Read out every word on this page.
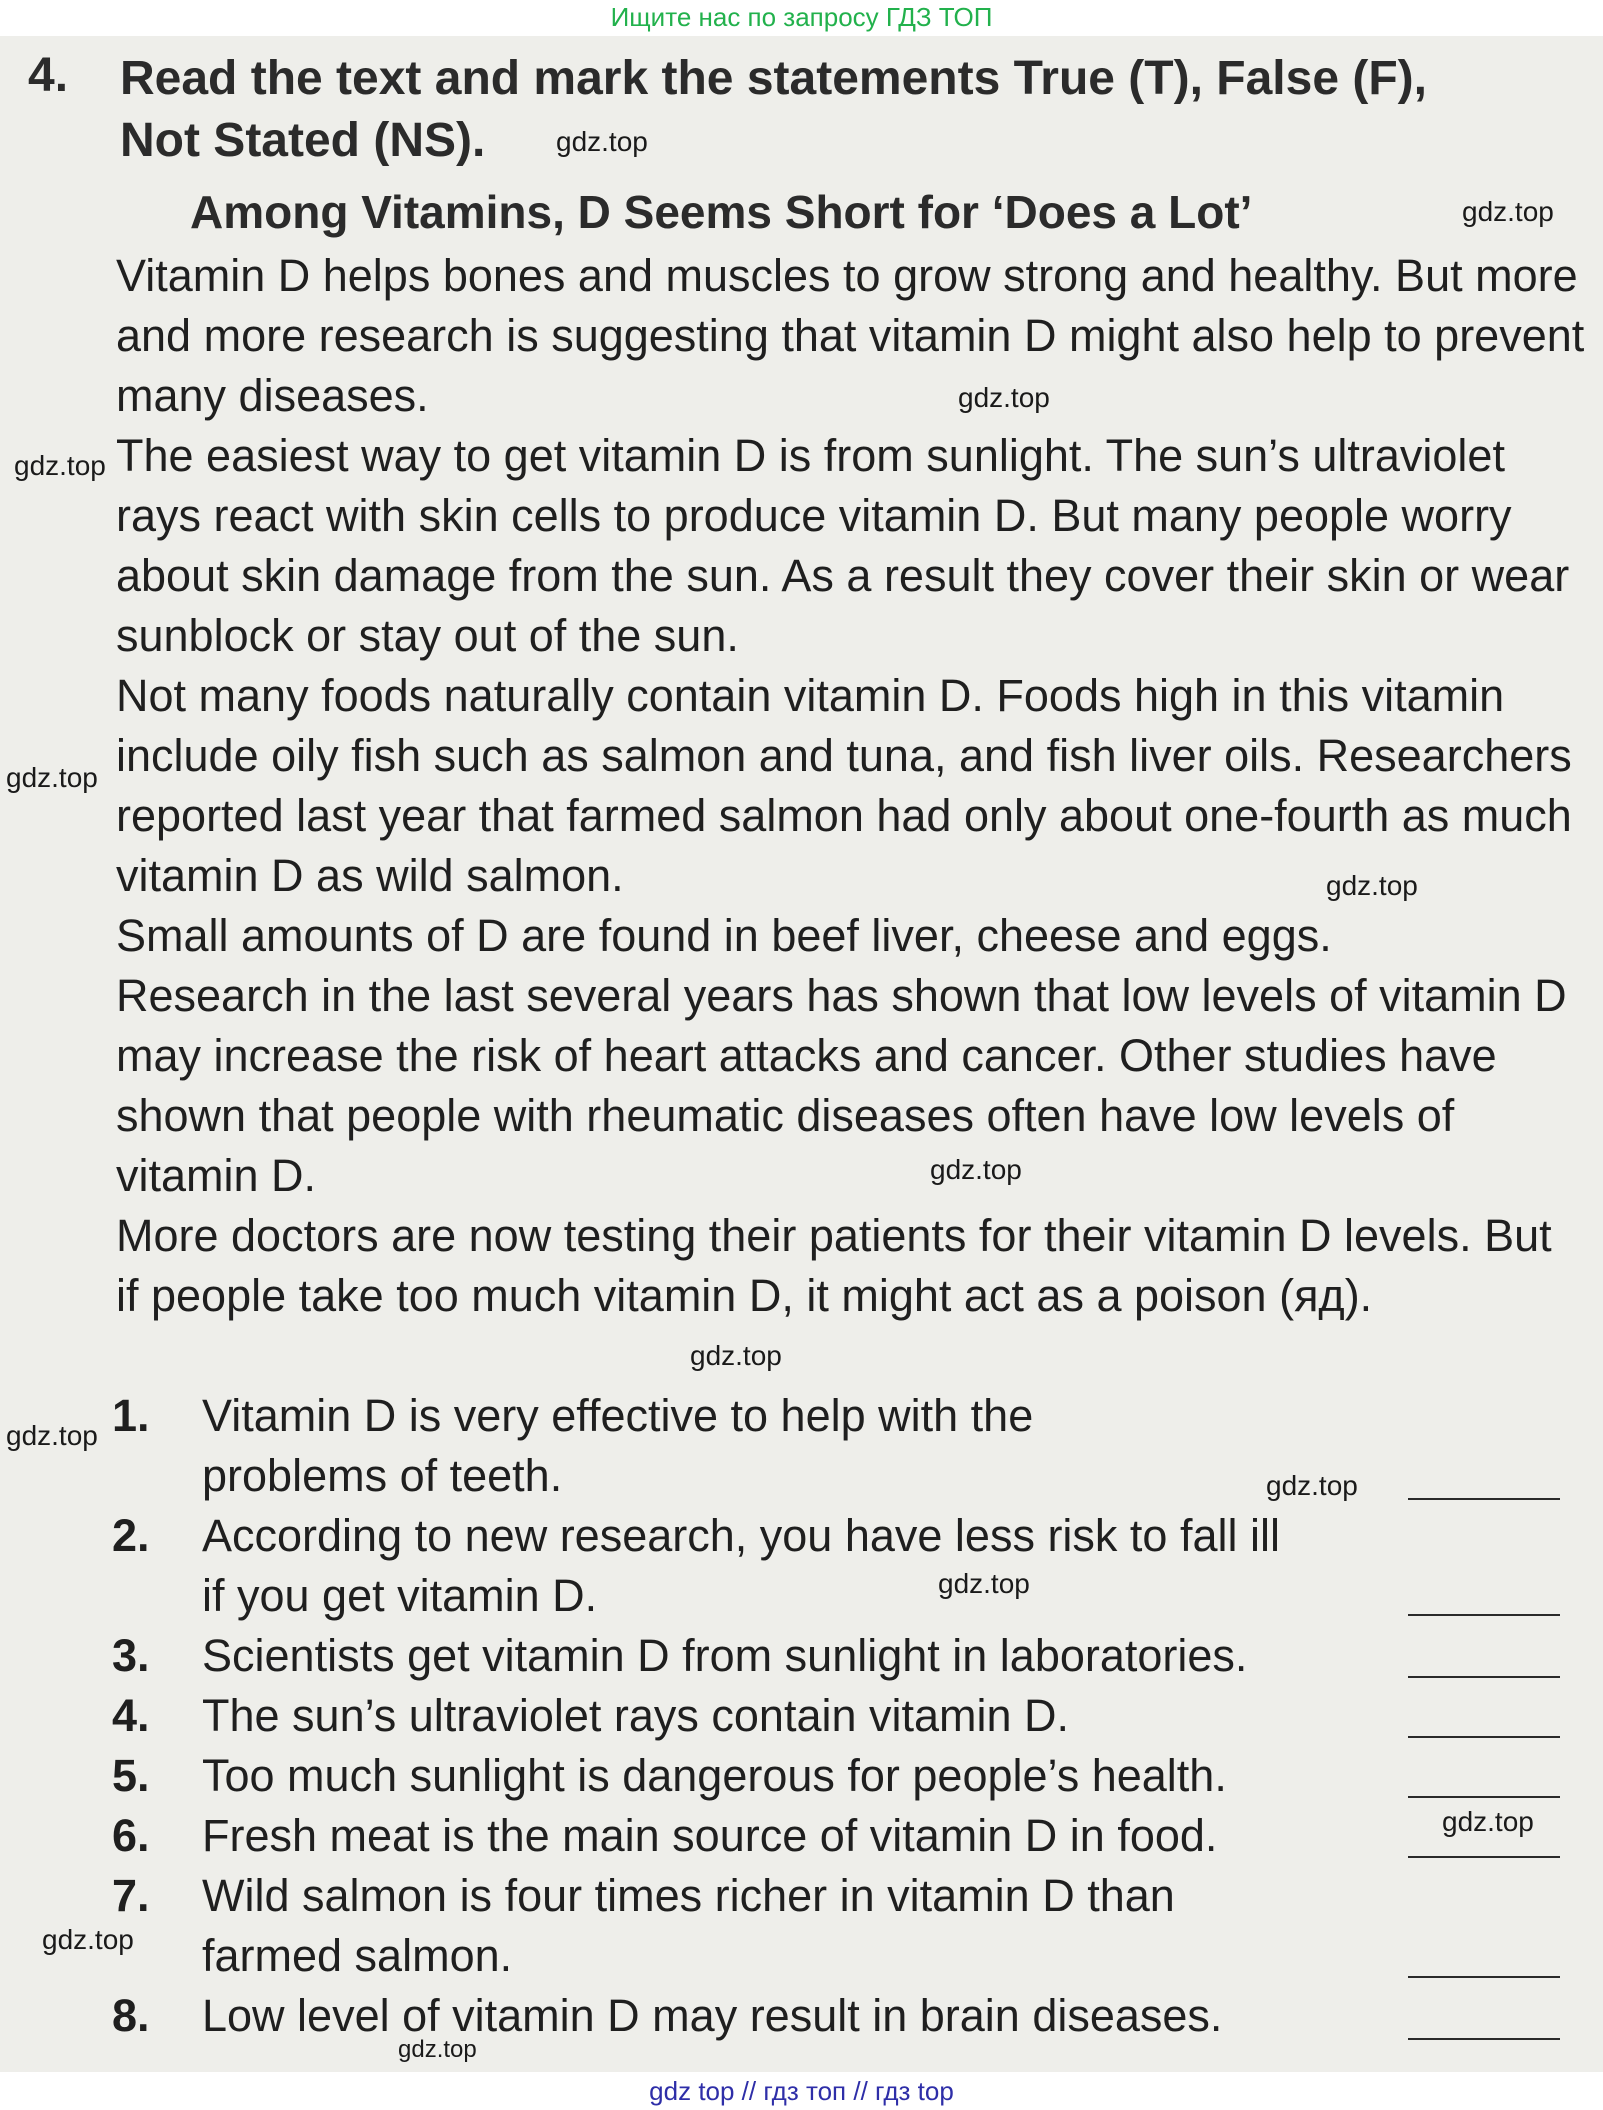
Ищите нас по запросу ГДЗ ТОП
4. Read the text and mark the statements True (T), False (F),
Not Stated (NS).
Among Vitamins, D Seems Short for ‘Does a Lot’

Vitamin D helps bones and muscles to grow strong and healthy. But more and more research is suggesting that vitamin D might also help to prevent many diseases.

The easiest way to get vitamin D is from sunlight. The sun’s ultraviolet rays react with skin cells to produce vitamin D. But many people worry about skin damage from the sun. As a result they cover their skin or wear sunblock or stay out of the sun.

Not many foods naturally contain vitamin D. Foods high in this vitamin include oily fish such as salmon and tuna, and fish liver oils. Researchers reported last year that farmed salmon had only about one-fourth as much vitamin D as wild salmon.

Small amounts of D are found in beef liver, cheese and eggs.

Research in the last several years has shown that low levels of vitamin D may increase the risk of heart attacks and cancer. Other studies have shown that people with rheumatic diseases often have low levels of vitamin D.

More doctors are now testing their patients for their vitamin D levels. But if people take too much vitamin D, it might act as a poison (яд).

1.	Vitamin D is very effective to help with the problems of teeth.
2.	According to new research, you have less risk to fall ill if you get vitamin D.
3.	Scientists get vitamin D from sunlight in laboratories.
4.	The sun’s ultraviolet rays contain vitamin D.
5.	Too much sunlight is dangerous for people’s health.
6.	Fresh meat is the main source of vitamin D in food.
7.	Wild salmon is four times richer in vitamin D than farmed salmon.
8.	Low level of vitamin D may result in brain diseases.
gdz.top
gdz.top
gdz.top
gdz.top
gdz.top
gdz.top
gdz.top
gdz.top
gdz.top
gdz.top
gdz.top
gdz.top
gdz.top
gdz.top
gdz top // гдз топ // гдз top
